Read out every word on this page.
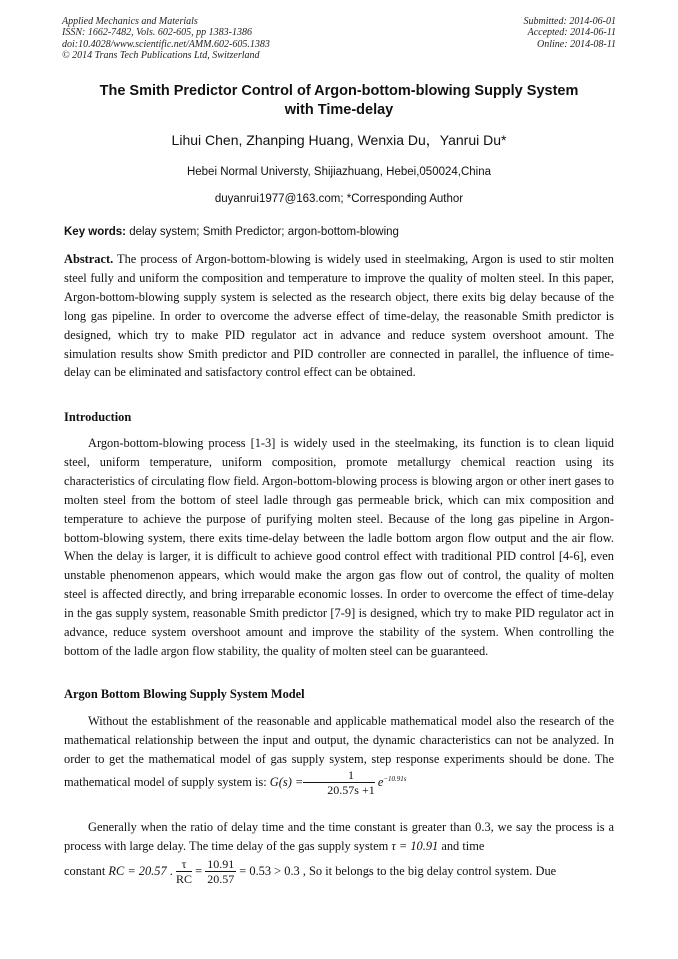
Applied Mechanics and Materials
ISSN: 1662-7482, Vols. 602-605, pp 1383-1386
doi:10.4028/www.scientific.net/AMM.602-605.1383
© 2014 Trans Tech Publications Ltd, Switzerland
Submitted: 2014-06-01
Accepted: 2014-06-11
Online: 2014-08-11
The Smith Predictor Control of Argon-bottom-blowing Supply System
with Time-delay
Lihui Chen, Zhanping Huang, Wenxia Du，Yanrui Du*
Hebei Normal Universty, Shijiazhuang, Hebei,050024,China
duyanrui1977@163.com; *Corresponding Author
Key words: delay system; Smith Predictor; argon-bottom-blowing
Abstract. The process of Argon-bottom-blowing is widely used in steelmaking, Argon is used to stir molten steel fully and uniform the composition and temperature to improve the quality of molten steel. In this paper, Argon-bottom-blowing supply system is selected as the research object, there exits big delay because of the long gas pipeline. In order to overcome the adverse effect of time-delay, the reasonable Smith predictor is designed, which try to make PID regulator act in advance and reduce system overshoot amount. The simulation results show Smith predictor and PID controller are connected in parallel, the influence of time-delay can be eliminated and satisfactory control effect can be obtained.
Introduction
Argon-bottom-blowing process [1-3] is widely used in the steelmaking, its function is to clean liquid steel, uniform temperature, uniform composition, promote metallurgy chemical reaction using its characteristics of circulating flow field. Argon-bottom-blowing process is blowing argon or other inert gases to molten steel from the bottom of steel ladle through gas permeable brick, which can mix composition and temperature to achieve the purpose of purifying molten steel. Because of the long gas pipeline in Argon-bottom-blowing system, there exits time-delay between the ladle bottom argon flow output and the air flow. When the delay is larger, it is difficult to achieve good control effect with traditional PID control [4-6], even unstable phenomenon appears, which would make the argon gas flow out of control, the quality of molten steel is affected directly, and bring irreparable economic losses. In order to overcome the effect of time-delay in the gas supply system, reasonable Smith predictor [7-9] is designed, which try to make PID regulator act in advance, reduce system overshoot amount and improve the stability of the system. When controlling the bottom of the ladle argon flow stability, the quality of molten steel can be guaranteed.
Argon Bottom Blowing Supply System Model
Without the establishment of the reasonable and applicable mathematical model also the research of the mathematical relationship between the input and output, the dynamic characteristics can not be analyzed. In order to get the mathematical model of gas supply system, step response experiments should be done. The mathematical model of supply system is: $G(s) = \frac{1}{20.57s +1} e^{-10.91s}$
Generally when the ratio of delay time and the time constant is greater than 0.3, we say the process is a process with large delay. The time delay of the gas supply system τ = 10.91 and time
constant RC = 20.57 . $\frac{\tau}{RC} = \frac{10.91}{20.57} = 0.53 > 0.3$ , So it belongs to the big delay control system. Due
